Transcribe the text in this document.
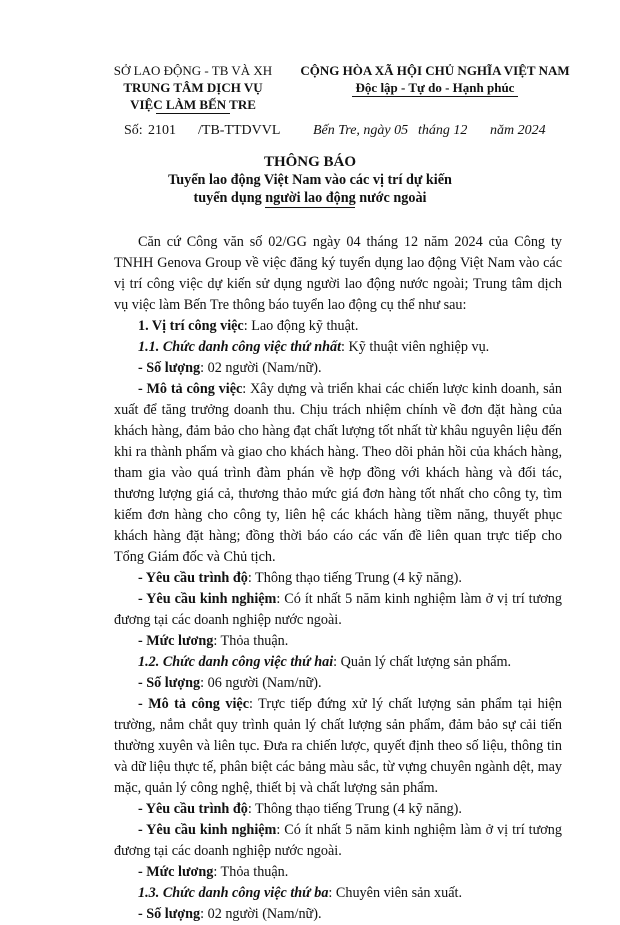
SỞ LAO ĐỘNG - TB VÀ XH
TRUNG TÂM DỊCH VỤ
VIỆC LÀM BẾN TRE
CỘNG HÒA XÃ HỘI CHỦ NGHĨA VIỆT NAM
Độc lập - Tự do - Hạnh phúc
Số: 2101 /TB-TTDVVL Bến Tre, ngày 05 tháng 12 năm 2024
THÔNG BÁO
Tuyển lao động Việt Nam vào các vị trí dự kiến
tuyển dụng người lao động nước ngoài

Căn cứ Công văn số 02/GG ngày 04 tháng 12 năm 2024 của Công ty TNHH Genova Group về việc đăng ký tuyển dụng lao động Việt Nam vào các vị trí công việc dự kiến sử dụng người lao động nước ngoài; Trung tâm dịch vụ việc làm Bến Tre thông báo tuyển lao động cụ thể như sau:

1. Vị trí công việc: Lao động kỹ thuật.

1.1. Chức danh công việc thứ nhất: Kỹ thuật viên nghiệp vụ.

- Số lượng: 02 người (Nam/nữ).

- Mô tả công việc: Xây dựng và triển khai các chiến lược kinh doanh, sản xuất để tăng trưởng doanh thu. Chịu trách nhiệm chính về đơn đặt hàng của khách hàng, đảm bảo cho hàng đạt chất lượng tốt nhất từ khâu nguyên liệu đến khi ra thành phẩm và giao cho khách hàng. Theo dõi phản hồi của khách hàng, tham gia vào quá trình đàm phán về hợp đồng với khách hàng và đối tác, thương lượng giá cả, thương thảo mức giá đơn hàng tốt nhất cho công ty, tìm kiếm đơn hàng cho công ty, liên hệ các khách hàng tiềm năng, thuyết phục khách hàng đặt hàng; đồng thời báo cáo các vấn đề liên quan trực tiếp cho Tổng Giám đốc và Chủ tịch.

- Yêu cầu trình độ: Thông thạo tiếng Trung (4 kỹ năng).

- Yêu cầu kinh nghiệm: Có ít nhất 5 năm kinh nghiệm làm ở vị trí tương đương tại các doanh nghiệp nước ngoài.

- Mức lương: Thỏa thuận.

1.2. Chức danh công việc thứ hai: Quản lý chất lượng sản phẩm.

- Số lượng: 06 người (Nam/nữ).

- Mô tả công việc: Trực tiếp đứng xử lý chất lượng sản phẩm tại hiện trường, nắm chắt quy trình quản lý chất lượng sản phẩm, đảm bảo sự cải tiến thường xuyên và liên tục. Đưa ra chiến lược, quyết định theo số liệu, thông tin và dữ liệu thực tế, phân biệt các bảng màu sắc, từ vựng chuyên ngành dệt, may mặc, quản lý công nghệ, thiết bị và chất lượng sản phẩm.

- Yêu cầu trình độ: Thông thạo tiếng Trung (4 kỹ năng).

- Yêu cầu kinh nghiệm: Có ít nhất 5 năm kinh nghiệm làm ở vị trí tương đương tại các doanh nghiệp nước ngoài.

- Mức lương: Thỏa thuận.

1.3. Chức danh công việc thứ ba: Chuyên viên sản xuất.

- Số lượng: 02 người (Nam/nữ).
